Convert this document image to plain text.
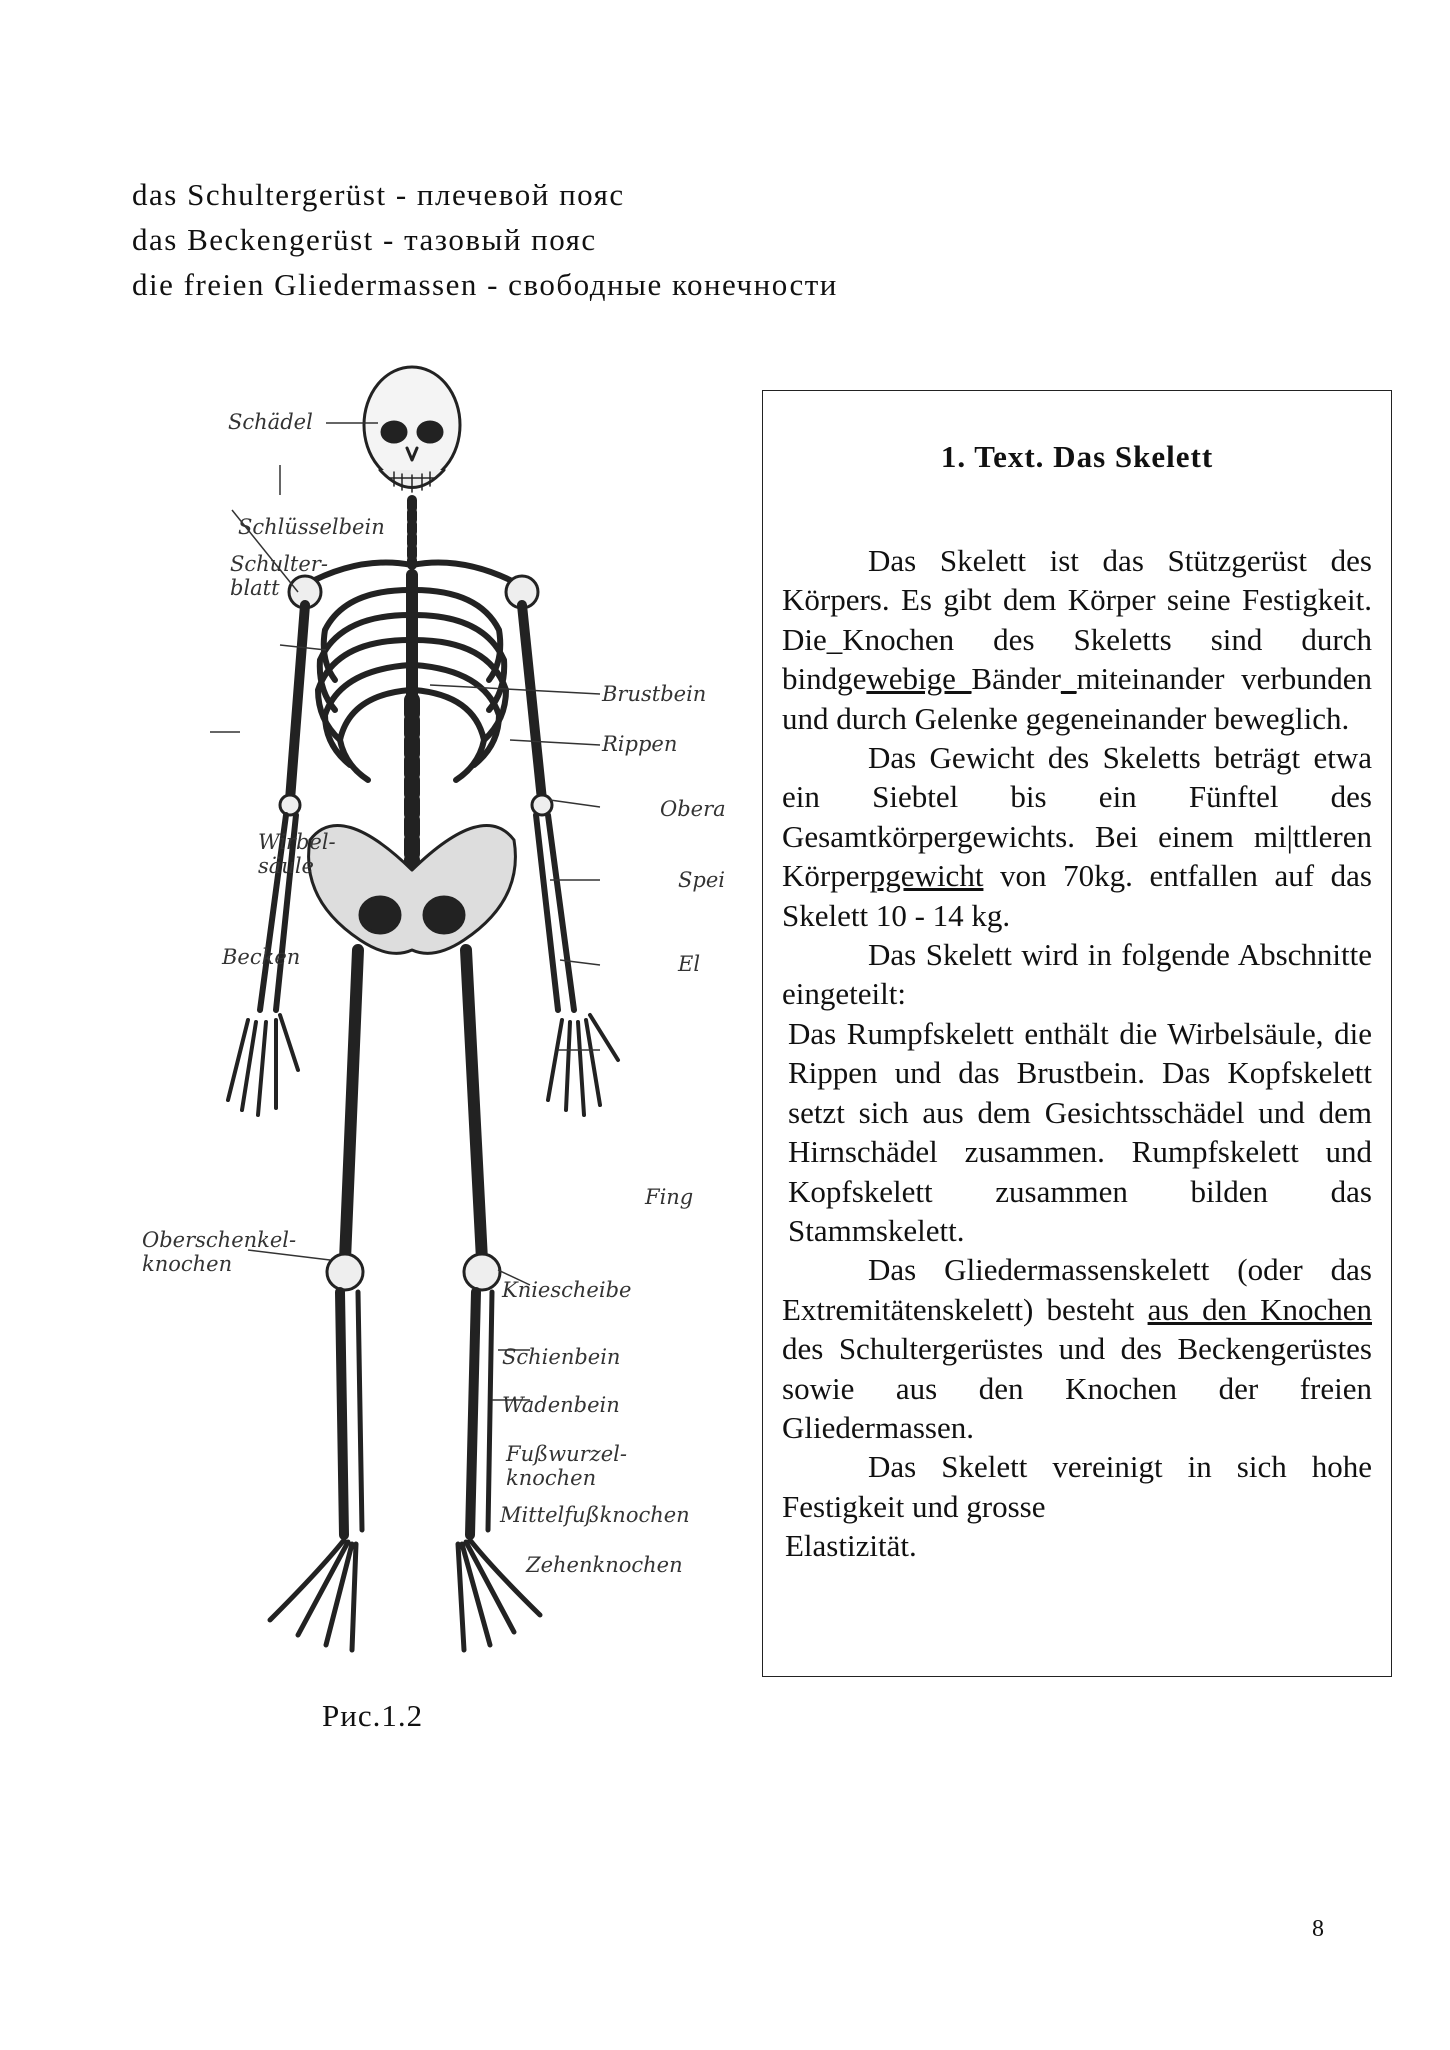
das Schultergerüst - плечевой пояс
das Beckengerüst - тазовый пояс
die freien Gliedermassen - свободные конечности
Schädel
Schlüsselbein
Schulter-
blatt
Brustbein
Rippen
Wirbel-
säule
Obera
Spei
Becken	El
Fing
Oberschenkel-
knochen
Kniescheibe
Schienbein
Wadenbein
Fußwurzel-
knochen
Mittelfußknochen
Zehenknochen
Рис.1.2
1. Text. Das Skelett

Das Skelett ist das Stützgerüst des Körpers. Es gibt dem Körper seine Festigkeit. Die_Knochen des Skeletts sind durch bindgewebige_Bänder_miteinander verbunden und durch Gelenke gegeneinander beweglich.

Das Gewicht des Skeletts beträgt etwa ein Siebtel bis ein Fünftel des Gesamtkörpergewichts. Bei einem mi|ttleren Körperpgewicht von 70kg. entfallen auf das Skelett 10 - 14 kg.

Das Skelett wird in folgende Abschnitte eingeteilt:

Das Rumpfskelett enthält die Wirbelsäule, die Rippen und das Brustbein. Das Kopfskelett setzt sich aus dem Gesichtsschädel und dem Hirnschädel zusammen. Rumpfskelett und Kopfskelett zusammen bilden das Stammskelett.

Das Gliedermassenskelett (oder das Extremitätenskelett) besteht aus den Knochen des Schultergerüstes und des Beckengerüstes sowie aus den Knochen der freien Gliedermassen.

Das Skelett vereinigt in sich hohe Festigkeit und grosse

Elastizität.

8
